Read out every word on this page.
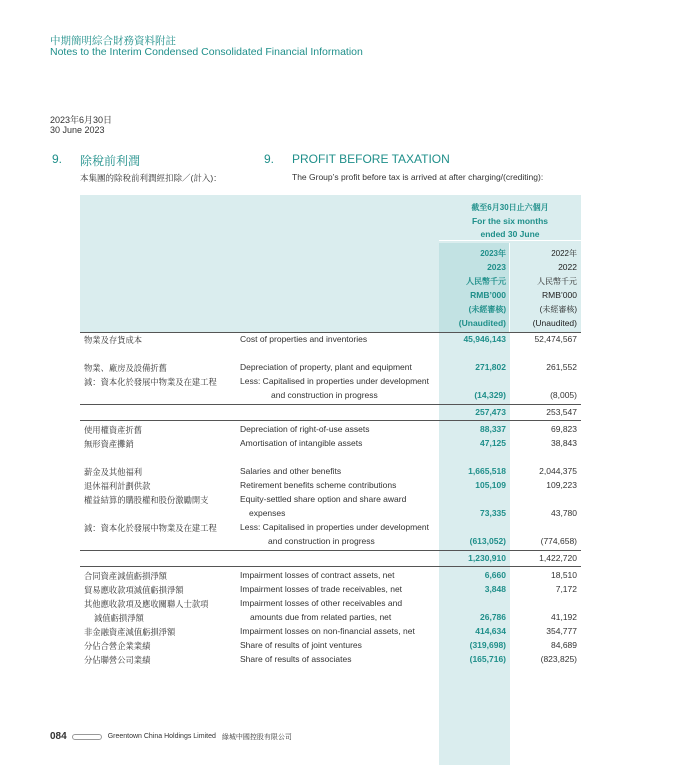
中期簡明綜合財務資料附註
Notes to the Interim Condensed Consolidated Financial Information
2023年6月30日
30 June 2023
9. 除稅前利潤	9. PROFIT BEFORE TAXATION
本集團的除稅前利潤經扣除／(計入)：	The Group’s profit before tax is arrived at after charging/(crediting):
截至6月30日止六個月
For the six months
ended 30 June
2023年
2023
人民幣千元
RMB’000
(未經審核)
(Unaudited)
2022年
2022
人民幣千元
RMB’000
(未經審核)
(Unaudited)
物業及存貨成本	Cost of properties and inventories	45,946,143	52,474,567
物業、廠房及設備折舊	Depreciation of property, plant and equipment	271,802	261,552
減：資本化於發展中物業及在建工程	Less: Capitalised in properties under development
and construction in progress	(14,329)	(8,005)
257,473	253,547
使用權資產折舊	Depreciation of right-of-use assets	88,337	69,823
無形資產攤銷	Amortisation of intangible assets	47,125	38,843
薪金及其他福利	Salaries and other benefits	1,665,518	2,044,375
退休福利計劃供款	Retirement benefits scheme contributions	105,109	109,223
權益結算的購股權和股份激勵開支	Equity-settled share option and share award
expenses	73,335	43,780
減：資本化於發展中物業及在建工程	Less: Capitalised in properties under development
and construction in progress	(613,052)	(774,658)
1,230,910	1,422,720
合同資產減值虧損淨額	Impairment losses of contract assets, net	6,660	18,510
貿易應收款項減值虧損淨額	Impairment losses of trade receivables, net	3,848	7,172
其他應收款項及應收關聯人士款項	Impairment losses of other receivables and
減值虧損淨額	amounts due from related parties, net	26,786	41,192
非金融資產減值虧損淨額	Impairment losses on non-financial assets, net	414,634	354,777
分佔合營企業業績	Share of results of joint ventures	(319,698)	84,689
分佔聯營公司業績	Share of results of associates	(165,716)	(823,825)
084	Greentown China Holdings Limited 綠城中國控股有限公司
